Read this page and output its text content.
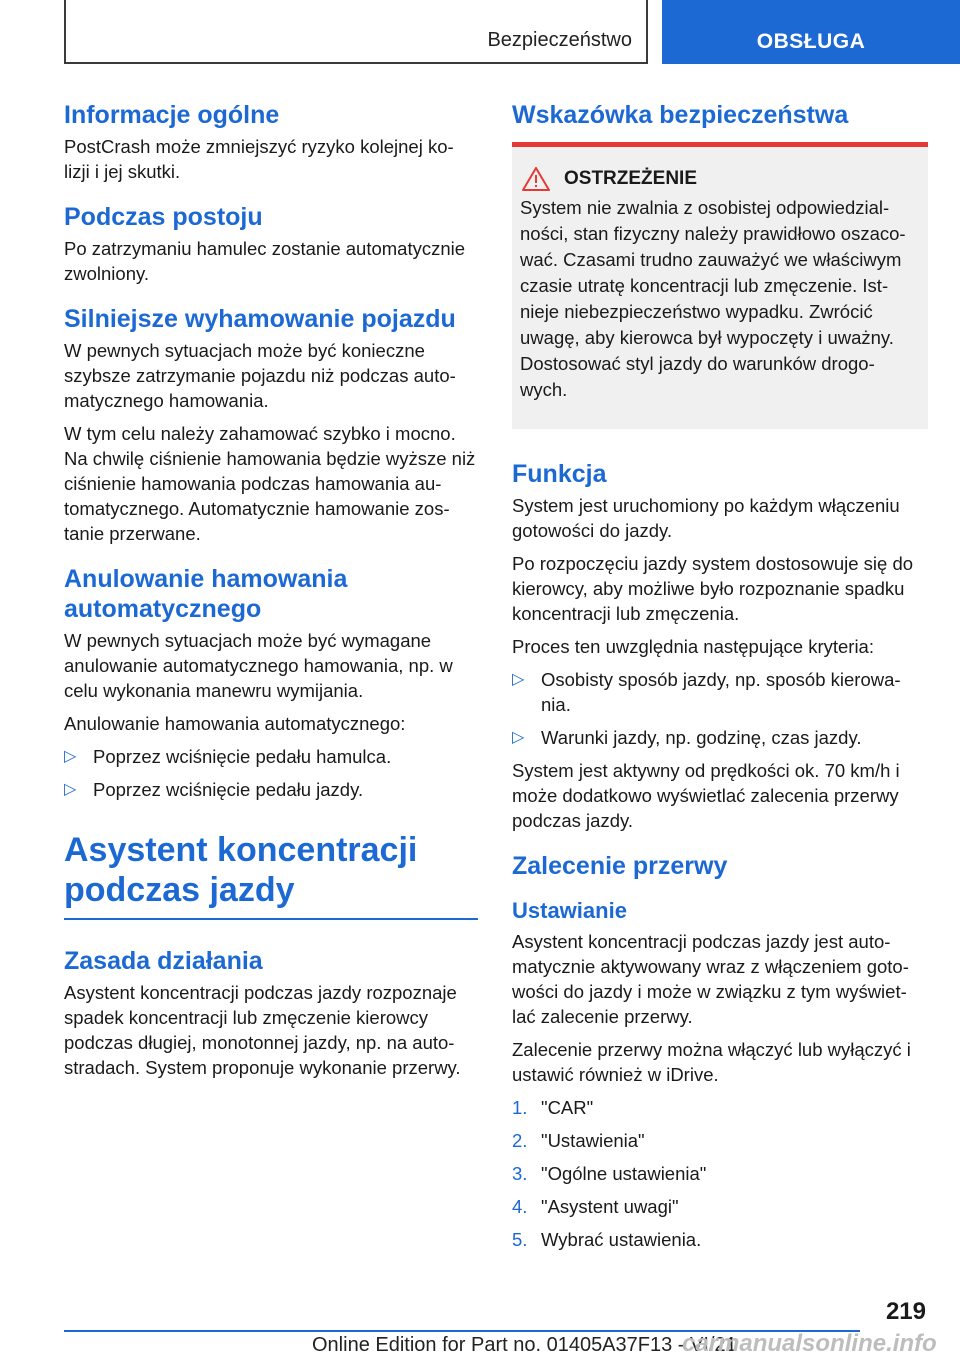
Bezpieczeństwo	OBSŁUGA
Informacje ogólne

PostCrash może zmniejszyć ryzyko kolejnej ko-lizji i jej skutki.

Podczas postoju

Po zatrzymaniu hamulec zostanie automatycznie zwolniony.

Silniejsze wyhamowanie pojazdu

W pewnych sytuacjach może być konieczne szybsze zatrzymanie pojazdu niż podczas auto-matycznego hamowania.

W tym celu należy zahamować szybko i mocno. Na chwilę ciśnienie hamowania będzie wyższe niż ciśnienie hamowania podczas hamowania au-tomatycznego. Automatycznie hamowanie zos-tanie przerwane.

Anulowanie hamowania automatycznego

W pewnych sytuacjach może być wymagane anulowanie automatycznego hamowania, np. w celu wykonania manewru wymijania.

Anulowanie hamowania automatycznego:

▷ Poprzez wciśnięcie pedału hamulca.
▷ Poprzez wciśnięcie pedału jazdy.
Asystent koncentracji podczas jazdy
Zasada działania

Asystent koncentracji podczas jazdy rozpoznaje spadek koncentracji lub zmęczenie kierowcy podczas długiej, monotonnej jazdy, np. na auto-stradach. System proponuje wykonanie przerwy.

Wskazówka bezpieczeństwa
OSTRZEŻENIE

System nie zwalnia z osobistej odpowiedzial-ności, stan fizyczny należy prawidłowo oszaco-wać. Czasami trudno zauważyć we właściwym czasie utratę koncentracji lub zmęczenie. Ist-nieje niebezpieczeństwo wypadku. Zwrócić uwagę, aby kierowca był wypoczęty i uważny. Dostosować styl jazdy do warunków drogo-wych.

Funkcja

System jest uruchomiony po każdym włączeniu gotowości do jazdy.

Po rozpoczęciu jazdy system dostosowuje się do kierowcy, aby możliwe było rozpoznanie spadku koncentracji lub zmęczenia.

Proces ten uwzględnia następujące kryteria:

▷ Osobisty sposób jazdy, np. sposób kierowa-nia.
▷ Warunki jazdy, np. godzinę, czas jazdy.

System jest aktywny od prędkości ok. 70 km/h i może dodatkowo wyświetlać zalecenia przerwy podczas jazdy.

Zalecenie przerwy
Ustawianie

Asystent koncentracji podczas jazdy jest auto-matycznie aktywowany wraz z włączeniem goto-wości do jazdy i może w związku z tym wyświet-lać zalecenie przerwy.

Zalecenie przerwy można włączyć lub wyłączyć i ustawić również w iDrive.

1. "CAR"
2. "Ustawienia"
3. "Ogólne ustawienia"
4. "Asystent uwagi"
5. Wybrać ustawienia.
219
Online Edition for Part no. 01405A37F13 - VI/21
carmanualsonline.info
